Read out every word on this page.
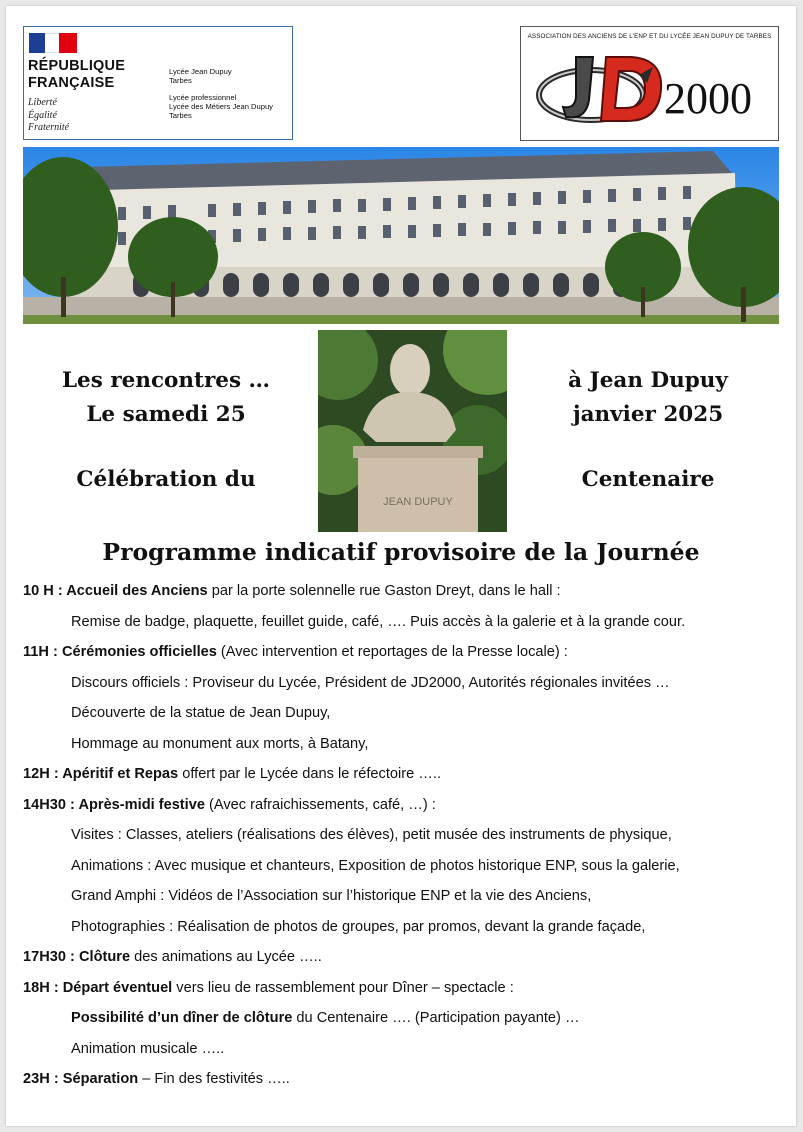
RÉPUBLIQUE
FRANÇAISE
Liberté
Égalité
Fraternité
Lycée Jean Dupuy
Tarbes
Lycée professionnel
Lycée des Métiers Jean Dupuy
Tarbes
ASSOCIATION DES ANCIENS DE L'ENP ET DU LYCÉE JEAN DUPUY DE TARBES
2000
JEAN DUPUY
Les rencontres …
Le samedi 25
Célébration du
à Jean Dupuy
janvier 2025
Centenaire
Programme indicatif provisoire de la Journée
10 H : Accueil des Anciens par la porte solennelle rue Gaston Dreyt, dans le hall :
Remise de badge, plaquette, feuillet guide, café, …. Puis accès à la galerie et à la grande cour.
11H : Cérémonies officielles (Avec intervention et reportages de la Presse locale) :
Discours officiels : Proviseur du Lycée, Président de JD2000, Autorités régionales invitées …
Découverte de la statue de Jean Dupuy,
Hommage au monument aux morts, à Batany,
12H : Apéritif et Repas offert par le Lycée dans le réfectoire …..
14H30 : Après-midi festive (Avec rafraichissements, café, …) :
Visites : Classes, ateliers (réalisations des élèves), petit musée des instruments de physique,
Animations : Avec musique et chanteurs, Exposition de photos historique ENP, sous la galerie,
Grand Amphi : Vidéos de l’Association sur l’historique ENP et la vie des Anciens,
Photographies : Réalisation de photos de groupes, par promos, devant la grande façade,
17H30 : Clôture des animations au Lycée …..
18H : Départ éventuel vers lieu de rassemblement pour Dîner – spectacle :
Possibilité d’un dîner de clôture du Centenaire …. (Participation payante) …
Animation musicale …..
23H : Séparation – Fin des festivités …..
